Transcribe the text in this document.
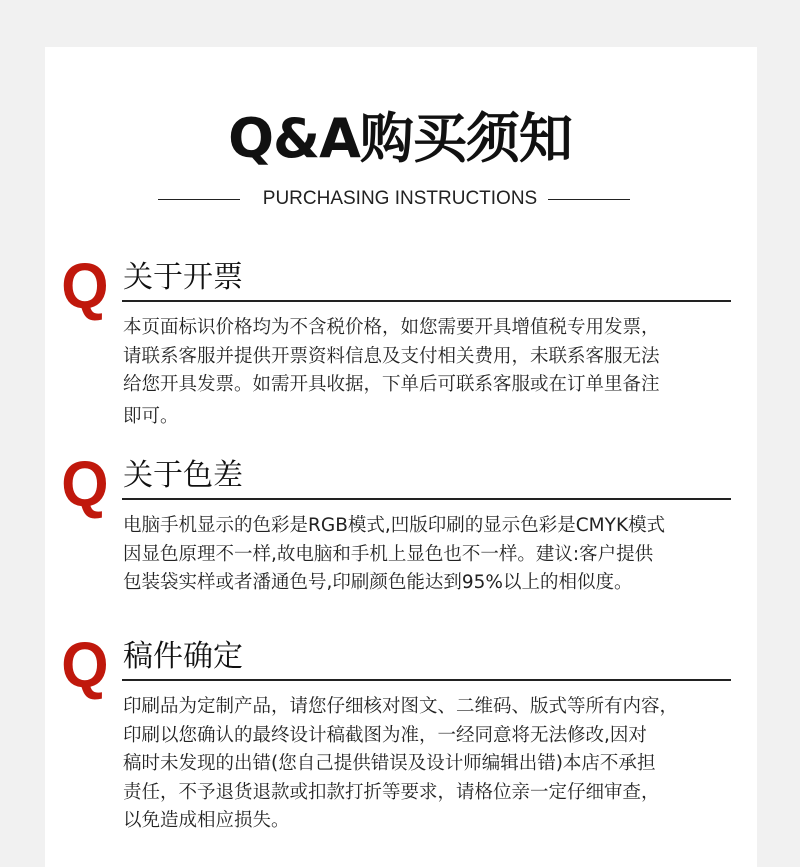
Q&A购买须知
PURCHASING INSTRUCTIONS
Q 关于开票
本页面标识价格均为不含税价格，如您需要开具增值税专用发票，
请联系客服并提供开票资料信息及支付相关费用，未联系客服无法
给您开具发票。如需开具收据，下单后可联系客服或在订单里备注
即可。
Q 关于色差
电脑手机显示的色彩是RGB模式,凹版印刷的显示色彩是CMYK模式
因显色原理不一样,故电脑和手机上显色也不一样。建议:客户提供
包装袋实样或者潘通色号,印刷颜色能达到95%以上的相似度。
Q 稿件确定
印刷品为定制产品，请您仔细核对图文、二维码、版式等所有内容，
印刷以您确认的最终设计稿截图为准，一经同意将无法修改,因对
稿时未发现的出错(您自己提供错误及设计师编辑出错)本店不承担
责任，不予退货退款或扣款打折等要求，请格位亲一定仔细审查，
以免造成相应损失。
